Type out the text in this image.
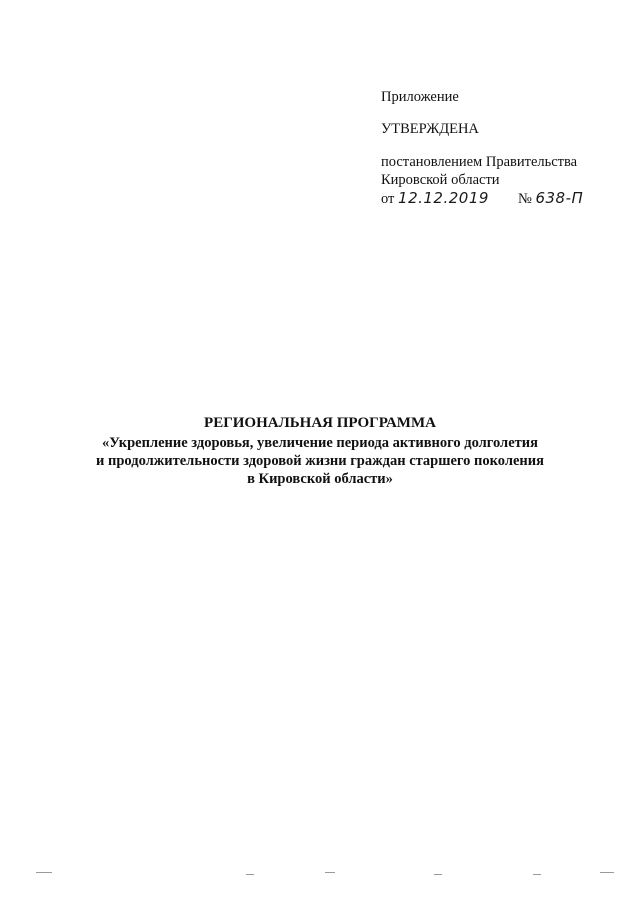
Приложение
УТВЕРЖДЕНА
постановлением Правительства
Кировской области
от 12.12.2019 № 638-П
РЕГИОНАЛЬНАЯ ПРОГРАММА
«Укрепление здоровья, увеличение периода активного долголетия
и продолжительности здоровой жизни граждан старшего поколения
в Кировской области»
